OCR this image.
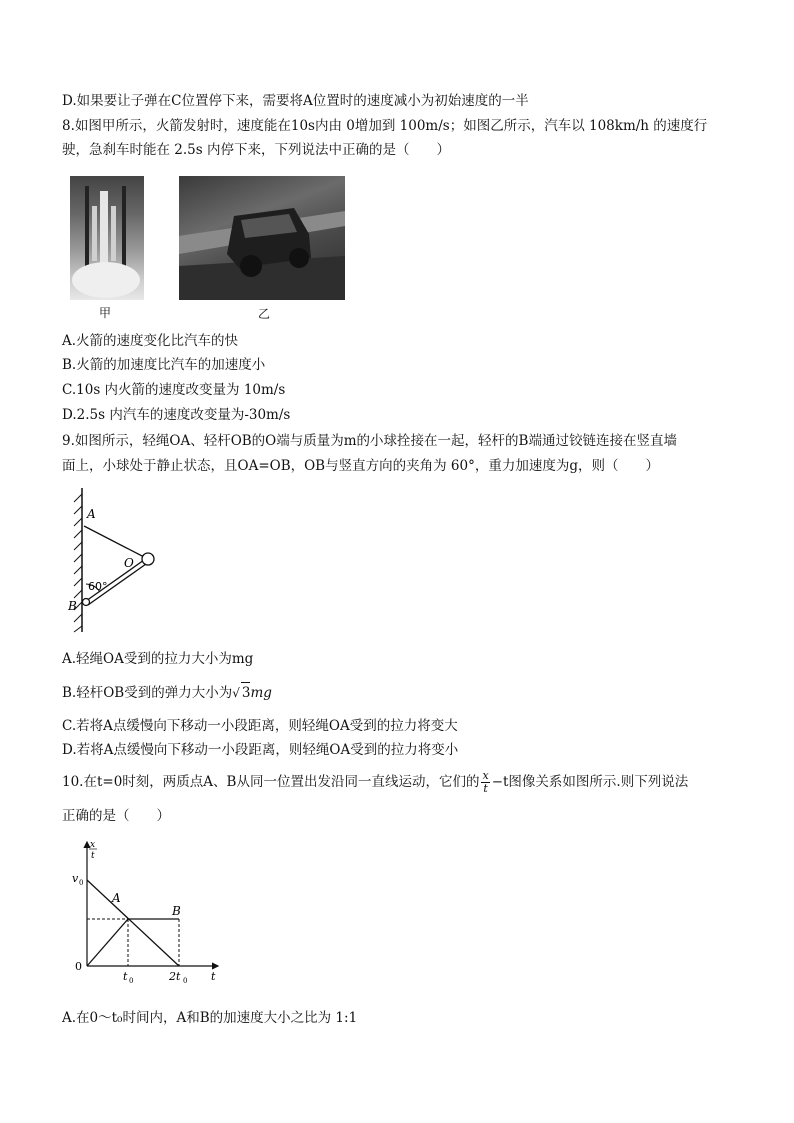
D.如果要让子弹在C位置停下来，需要将A位置时的速度减小为初始速度的一半
8.如图甲所示，火箭发射时，速度能在10s内由 0增加到 100m/s；如图乙所示，汽车以 108km/h 的速度行
驶，急刹车时能在 2.5s 内停下来，下列说法中正确的是（　　）
甲	乙
A.火箭的速度变化比汽车的快
B.火箭的加速度比汽车的加速度小
C.10s 内火箭的速度改变量为 10m/s
D.2.5s 内汽车的速度改变量为-30m/s
9.如图所示，轻绳OA、轻杆OB的O端与质量为m的小球拴接在一起，轻杆的B端通过铰链连接在竖直墙
面上，小球处于静止状态，且OA=OB，OB与竖直方向的夹角为 60°，重力加速度为g，则（　　）
A
O
B
60°
A.轻绳OA受到的拉力大小为mg
B.轻杆OB受到的弹力大小为√ 3mg
C.若将A点缓慢向下移动一小段距离，则轻绳OA受到的拉力将变大
D.若将A点缓慢向下移动一小段距离，则轻绳OA受到的拉力将变小
10.在t=0时刻，两质点A、B从同一位置出发沿同一直线运动，它们的 $\frac{x}{t} -t$图像关系如图所示.则下列说法
正确的是（　　）
x
t
v 0
0
A
B
t 0	2t 0 t
A.在0～t₀时间内，A和B的加速度大小之比为 1:1
